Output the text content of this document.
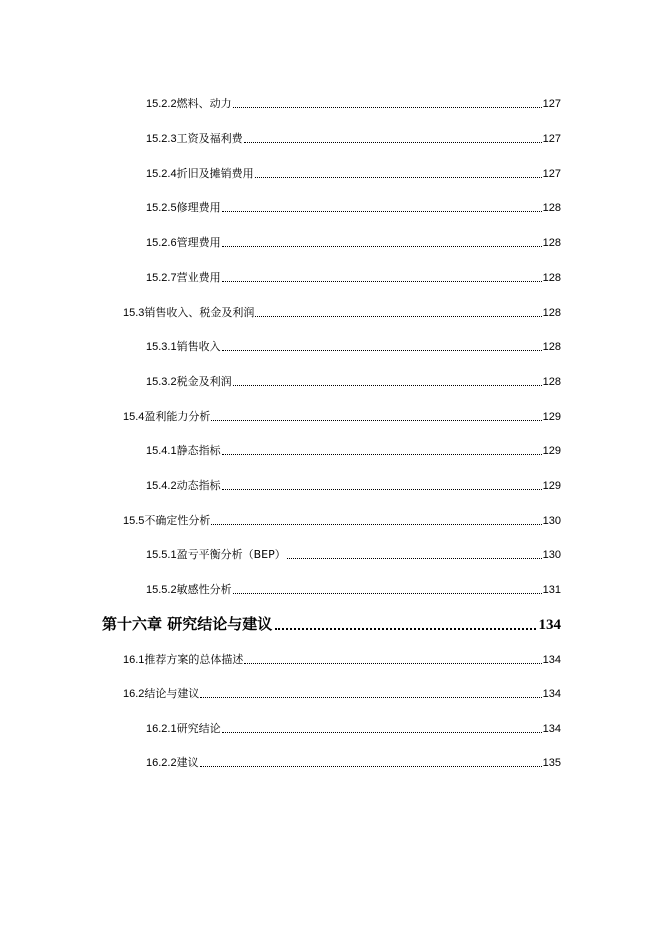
15.2.2 燃料、动力	127
15.2.3 工资及福利费	127
15.2.4 折旧及摊销费用	127
15.2.5 修理费用	128
15.2.6 管理费用	128
15.2.7 营业费用	128
15.3 销售收入、税金及利润	128
15.3.1 销售收入	128
15.3.2 税金及利润	128
15.4 盈利能力分析	129
15.4.1 静态指标	129
15.4.2 动态指标	129
15.5 不确定性分析	130
15.5.1 盈亏平衡分析（BEP）	130
15.5.2 敏感性分析	131
第十六章 研究结论与建议	134
16.1 推荐方案的总体描述	134
16.2 结论与建议	134
16.2.1 研究结论	134
16.2.2 建议	135
